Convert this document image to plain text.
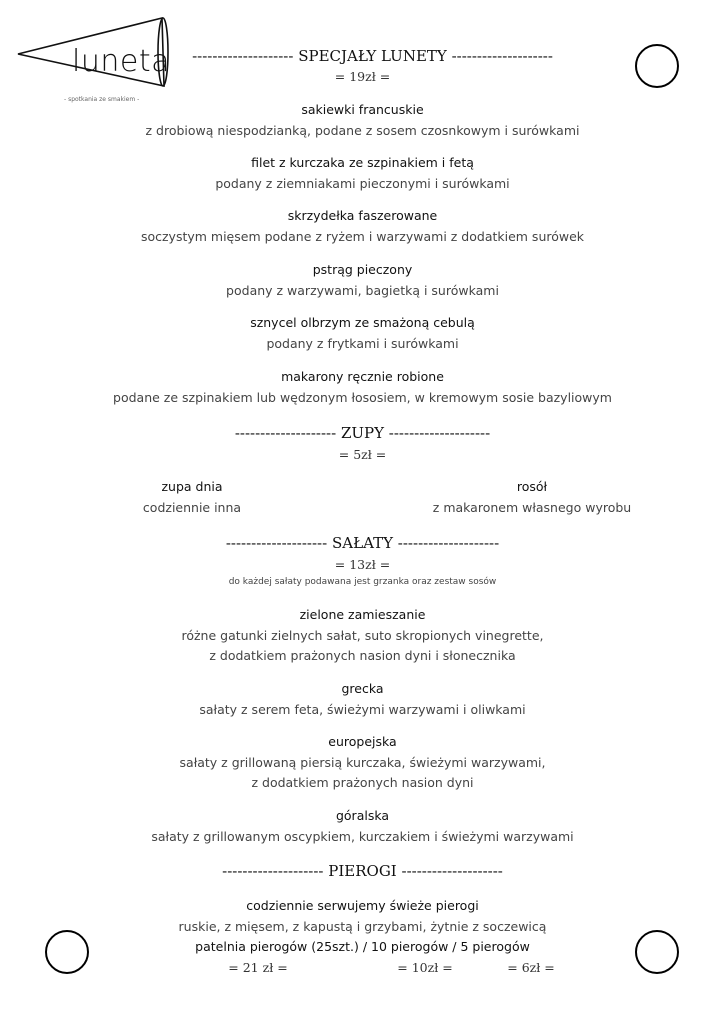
luneta
- spotkania ze smakiem -
-------------------- SPECJAŁY LUNETY --------------------
= 19zł =
sakiewki francuskie
z drobiową niespodzianką, podane z sosem czosnkowym i surówkami
filet z kurczaka ze szpinakiem i fetą
podany z ziemniakami pieczonymi i surówkami
skrzydełka faszerowane
soczystym mięsem podane z ryżem i warzywami z dodatkiem surówek
pstrąg pieczony
podany z warzywami, bagietką i surówkami
sznycel olbrzym ze smażoną cebulą
podany z frytkami i surówkami
makarony ręcznie robione
podane ze szpinakiem lub wędzonym łososiem, w kremowym sosie bazyliowym
-------------------- ZUPY --------------------
= 5zł =
zupa dnia
codziennie inna
rosół
z makaronem własnego wyrobu
-------------------- SAŁATY --------------------
= 13zł =
do każdej sałaty podawana jest grzanka oraz zestaw sosów
zielone zamieszanie
różne gatunki zielnych sałat, suto skropionych vinegrette,
z dodatkiem prażonych nasion dyni i słonecznika
grecka
sałaty z serem feta, świeżymi warzywami i oliwkami
europejska
sałaty z grillowaną piersią kurczaka, świeżymi warzywami,
z dodatkiem prażonych nasion dyni
góralska
sałaty z grillowanym oscypkiem, kurczakiem i świeżymi warzywami
-------------------- PIEROGI --------------------
codziennie serwujemy świeże pierogi
ruskie, z mięsem, z kapustą i grzybami, żytnie z soczewicą
patelnia pierogów (25szt.) / 10 pierogów / 5 pierogów
= 21 zł =	= 10zł =	= 6zł =
